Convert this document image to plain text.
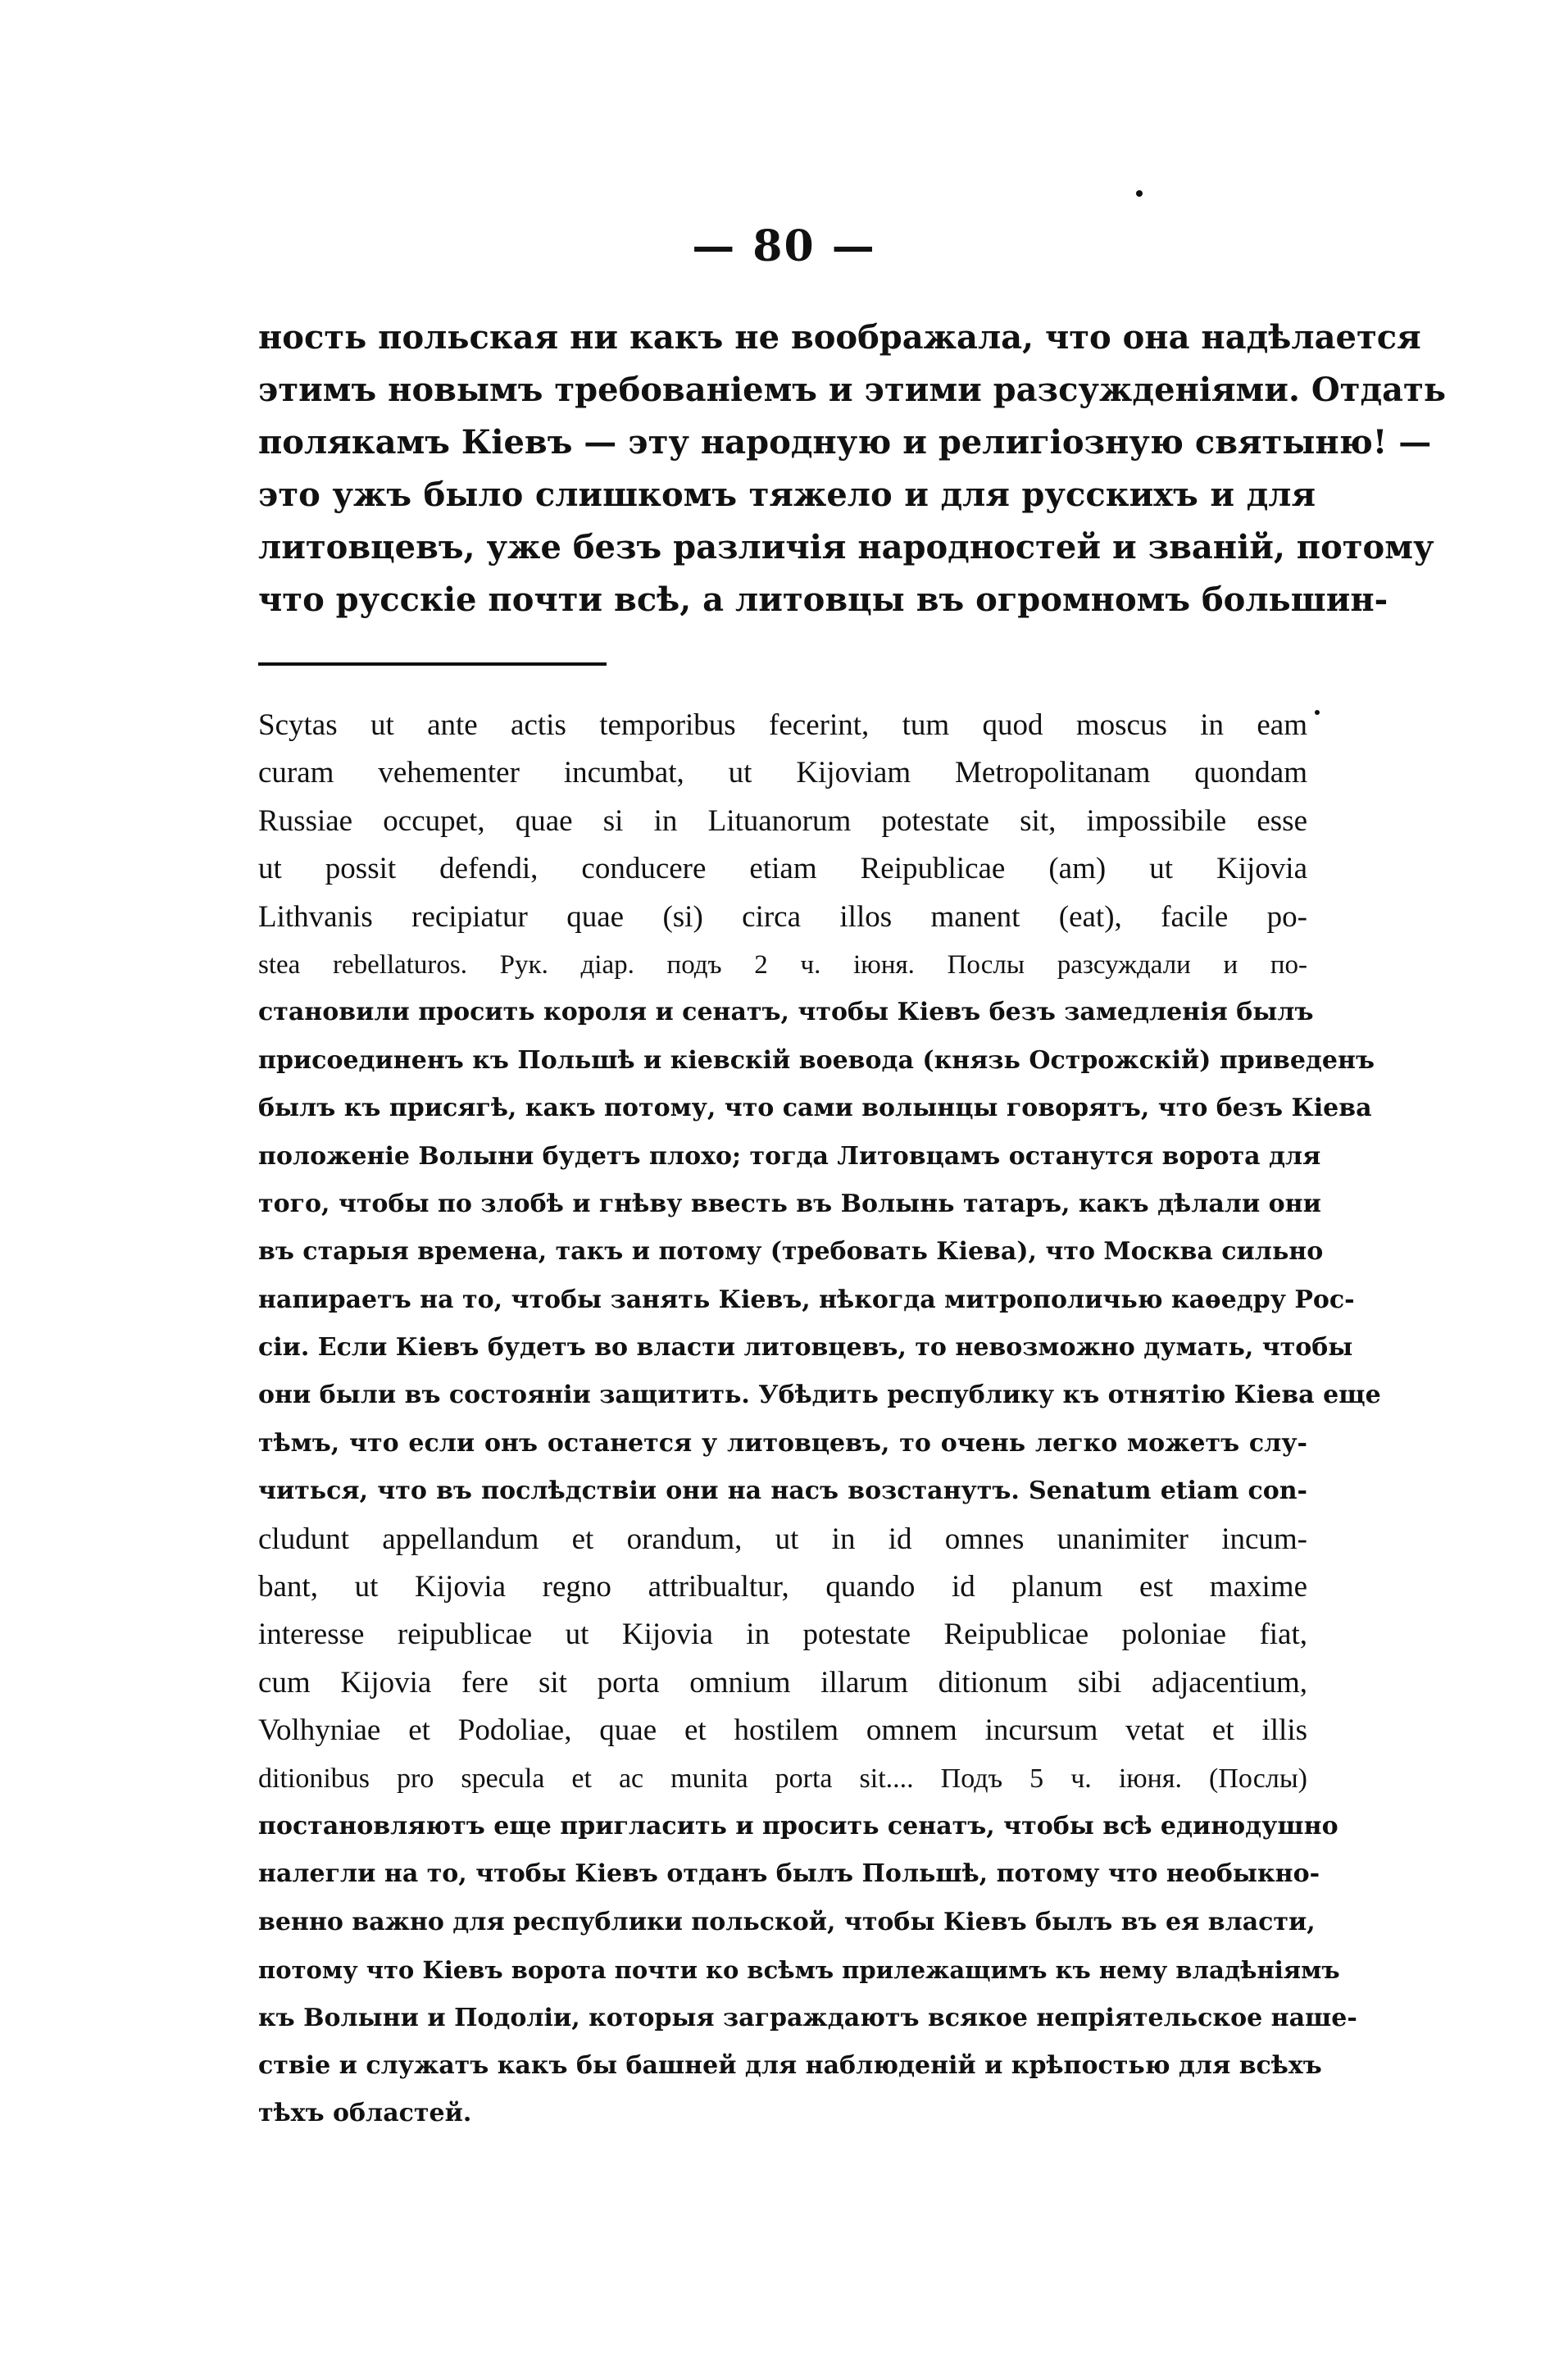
— 80 —
ность польская ни какъ не воображала, что она надѣлается
этимъ новымъ требованіемъ и этими разсужденіями. Отдать
полякамъ Кіевъ — эту народную и религіозную святыню! —
это ужъ было слишкомъ тяжело и для русскихъ и для
литовцевъ, уже безъ различія народностей и званій, потому
что русскіе почти всѣ, а литовцы въ огромномъ большин-
Scytas ut ante actis temporibus fecerint, tum quod moscus in eam
curam vehementer incumbat, ut Kijoviam Metropolitanam quondam
Russiae occupet, quae si in Lituanorum potestate sit, impossibile esse
ut possit defendi, conducere etiam Reipublicae (am) ut Kijovia
Lithvanis recipiatur quae (si) circa illos manent (eat), facile po-
stea rebellaturos. Рук. діар. подъ 2 ч. іюня. Послы разсуждали и по-
становили просить короля и сенатъ, чтобы Кіевъ безъ замедленія былъ
присоединенъ къ Польшѣ и кіевскій воевода (князь Острожскій) приведенъ
былъ къ присягѣ, какъ потому, что сами волынцы говорятъ, что безъ Кіева
положеніе Волыни будетъ плохо; тогда Литовцамъ останутся ворота для
того, чтобы по злобѣ и гнѣву ввесть въ Волынь татаръ, какъ дѣлали они
въ старыя времена, такъ и потому (требовать Кіева), что Москва сильно
напираетъ на то, чтобы занять Кіевъ, нѣкогда митрополичью каѳедру Рос-
сіи. Если Кіевъ будетъ во власти литовцевъ, то невозможно думать, чтобы
они были въ состояніи защитить. Убѣдить республику къ отнятію Кіева еще
тѣмъ, что если онъ останется у литовцевъ, то очень легко можетъ слу-
читься, что въ послѣдствіи они на насъ возстанутъ. Senatum etiam con-
cludunt appellandum et orandum, ut in id omnes unanimiter incum-
bant, ut Kijovia regno attribualtur, quando id planum est maxime
interesse reipublicae ut Kijovia in potestate Reipublicae poloniae fiat,
cum Kijovia fere sit porta omnium illarum ditionum sibi adjacentium,
Volhyniae et Podoliae, quae et hostilem omnem incursum vetat et illis
ditionibus pro specula et ac munita porta sit.... Подъ 5 ч. іюня. (Послы)
постановляютъ еще пригласить и просить сенатъ, чтобы всѣ единодушно
налегли на то, чтобы Кіевъ отданъ былъ Польшѣ, потому что необыкно-
венно важно для республики польской, чтобы Кіевъ былъ въ ея власти,
потому что Кіевъ ворота почти ко всѣмъ прилежащимъ къ нему владѣніямъ
къ Волыни и Подоліи, которыя заграждаютъ всякое непріятельское наше-
ствіе и служатъ какъ бы башней для наблюденій и крѣпостью для всѣхъ
тѣхъ областей.
